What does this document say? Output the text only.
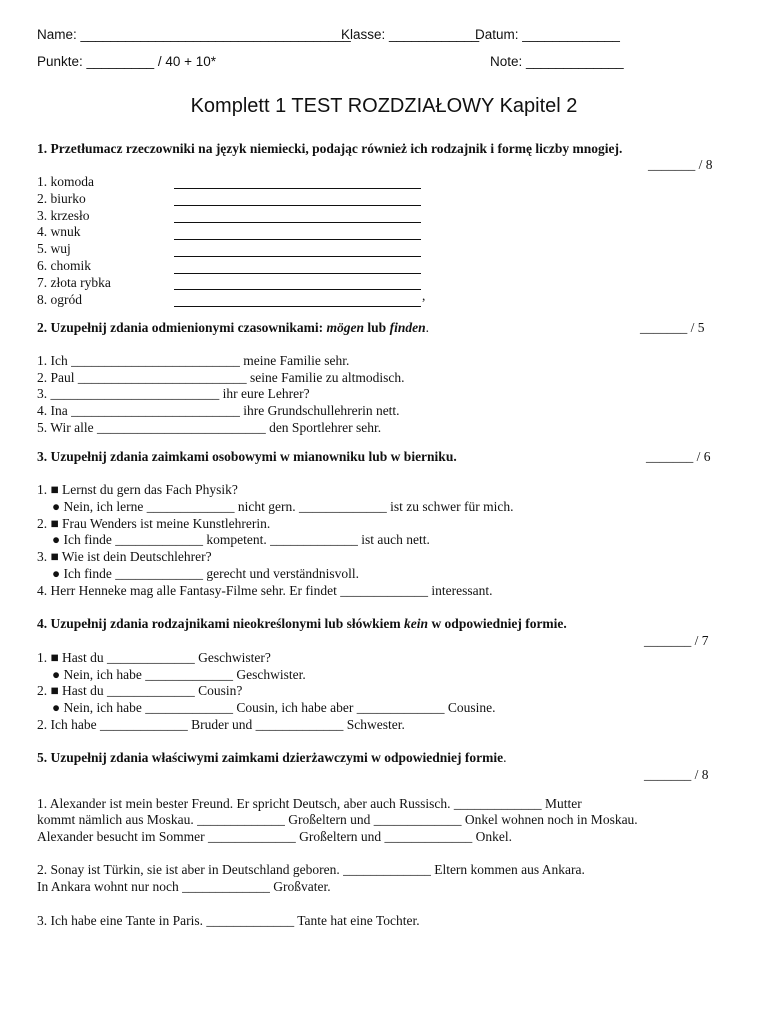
Name: ____________________________________
Klasse: ____________
Datum: _____________
Punkte: _________ / 40 + 10*	Note: _____________
Komplett 1 TEST ROZDZIAŁOWY Kapitel 2
1. Przetłumacz rzeczowniki na język niemiecki, podając również ich rodzajnik i formę liczby mnogiej.
_______ / 8
1. komoda
2. biurko
3. krzesło
4. wnuk
5. wuj
6. chomik
7. złota rybka
8. ogród	,
2. Uzupełnij zdania odmienionymi czasownikami: mögen lub finden.	_______ / 5
1. Ich _________________________ meine Familie sehr.
2. Paul _________________________ seine Familie zu altmodisch.
3. _________________________ ihr eure Lehrer?
4. Ina _________________________ ihre Grundschullehrerin nett.
5. Wir alle _________________________ den Sportlehrer sehr.
3. Uzupełnij zdania zaimkami osobowymi w mianowniku lub w bierniku.	_______ / 6
1. ■ Lernst du gern das Fach Physik?
● Nein, ich lerne _____________ nicht gern. _____________ ist zu schwer für mich.
2. ■ Frau Wenders ist meine Kunstlehrerin.
● Ich finde _____________ kompetent. _____________ ist auch nett.
3. ■ Wie ist dein Deutschlehrer?
● Ich finde _____________ gerecht und verständnisvoll.
4. Herr Henneke mag alle Fantasy-Filme sehr. Er findet _____________ interessant.
4. Uzupełnij zdania rodzajnikami nieokreślonymi lub słówkiem kein w odpowiedniej formie.
_______ / 7
1. ■ Hast du _____________ Geschwister?
● Nein, ich habe _____________ Geschwister.
2. ■ Hast du _____________ Cousin?
● Nein, ich habe _____________ Cousin, ich habe aber _____________ Cousine.
2. Ich habe _____________ Bruder und _____________ Schwester.
5. Uzupełnij zdania właściwymi zaimkami dzierżawczymi w odpowiedniej formie.
_______ / 8
1. Alexander ist mein bester Freund. Er spricht Deutsch, aber auch Russisch. _____________ Mutter
kommt nämlich aus Moskau. _____________ Großeltern und _____________ Onkel wohnen noch in Moskau.
Alexander besucht im Sommer _____________ Großeltern und _____________ Onkel.
2. Sonay ist Türkin, sie ist aber in Deutschland geboren. _____________ Eltern kommen aus Ankara.
In Ankara wohnt nur noch _____________ Großvater.
3. Ich habe eine Tante in Paris. _____________ Tante hat eine Tochter.
